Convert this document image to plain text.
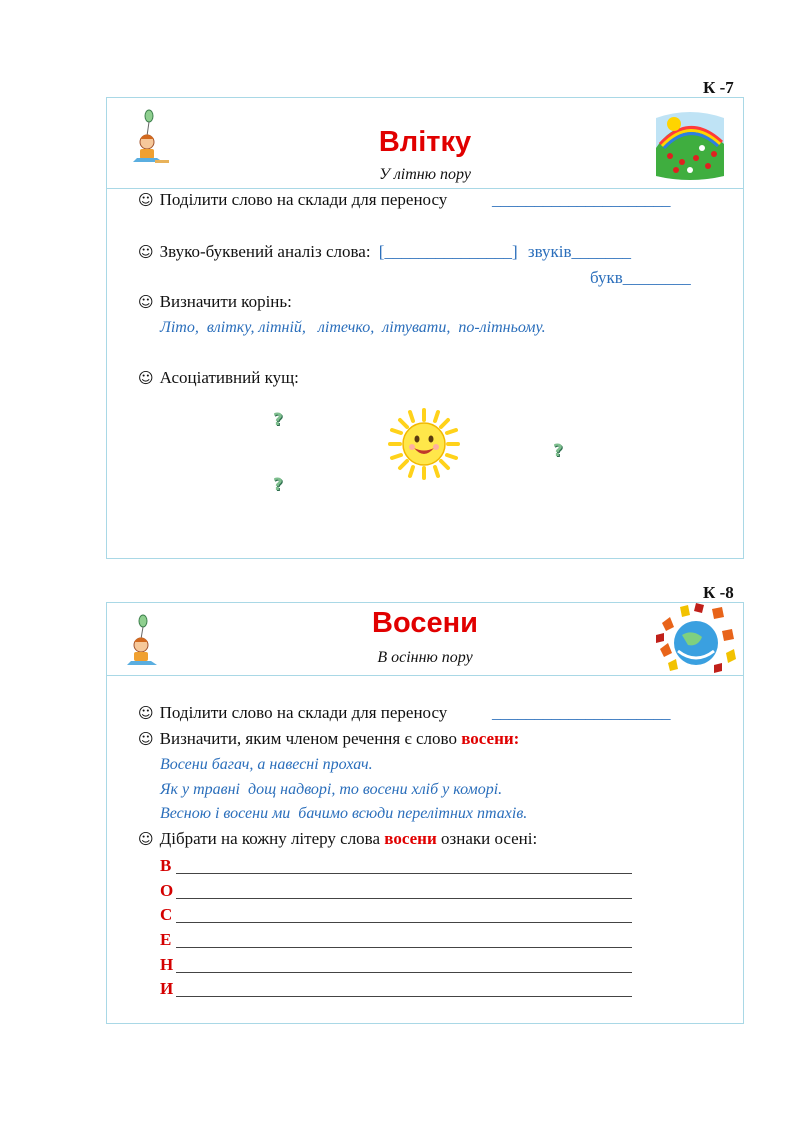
К -7
Влітку
У літню пору
☺ Поділити слово на склади для переносу	_____________________
☺ Звуко-буквений аналіз слова: [_______________] звуків_______
букв________
☺ Визначити корінь:
Літо,  влітку, літній,   літечко,  літувати,  по-літньому.
☺ Асоціативний кущ:
?
?
?
К -8
Восени
В осінню пору
☺ Поділити слово на склади для переносу	_____________________
☺ Визначити, яким членом речення є слово восени:
Восени багач, а навесні прохач.
Як у травні  дощ надворі, то восени хліб у коморі.
Весною і восени ми  бачимо всюди перелітних птахів.
☺ Дібрати на кожну літеру слова восени ознаки осені:
В
О
С
Е
Н
И
